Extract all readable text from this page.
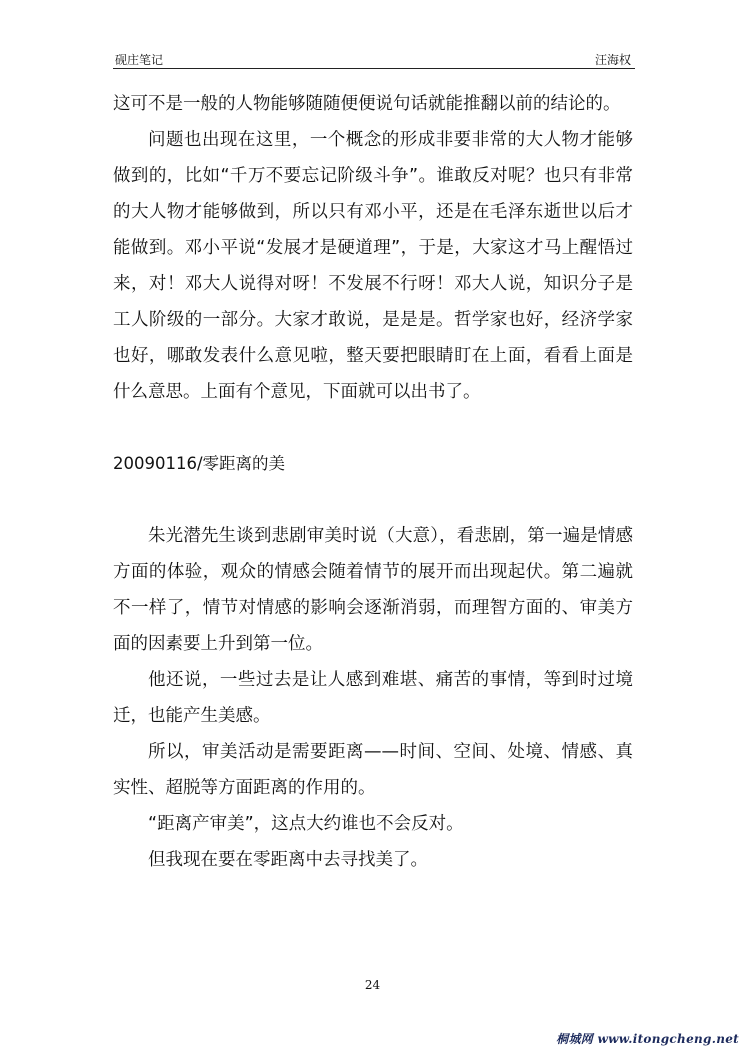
砚庄笔记	汪海权

这可不是一般的人物能够随随便便说句话就能推翻以前的结论的。

问题也出现在这里，一个概念的形成非要非常的大人物才能够做到的，比如“千万不要忘记阶级斗争”。谁敢反对呢？也只有非常的大人物才能够做到，所以只有邓小平，还是在毛泽东逝世以后才能做到。邓小平说“发展才是硬道理”，于是，大家这才马上醒悟过来，对！邓大人说得对呀！不发展不行呀！邓大人说，知识分子是工人阶级的一部分。大家才敢说，是是是。哲学家也好，经济学家也好，哪敢发表什么意见啦，整天要把眼睛盯在上面，看看上面是什么意思。上面有个意见，下面就可以出书了。

20090116/零距离的美

朱光潜先生谈到悲剧审美时说（大意），看悲剧，第一遍是情感方面的体验，观众的情感会随着情节的展开而出现起伏。第二遍就不一样了，情节对情感的影响会逐渐消弱，而理智方面的、审美方面的因素要上升到第一位。

他还说，一些过去是让人感到难堪、痛苦的事情，等到时过境迁，也能产生美感。

所以，审美活动是需要距离——时间、空间、处境、情感、真实性、超脱等方面距离的作用的。

“距离产审美”，这点大约谁也不会反对。

但我现在要在零距离中去寻找美了。

24
桐城网 www.itongcheng.net
